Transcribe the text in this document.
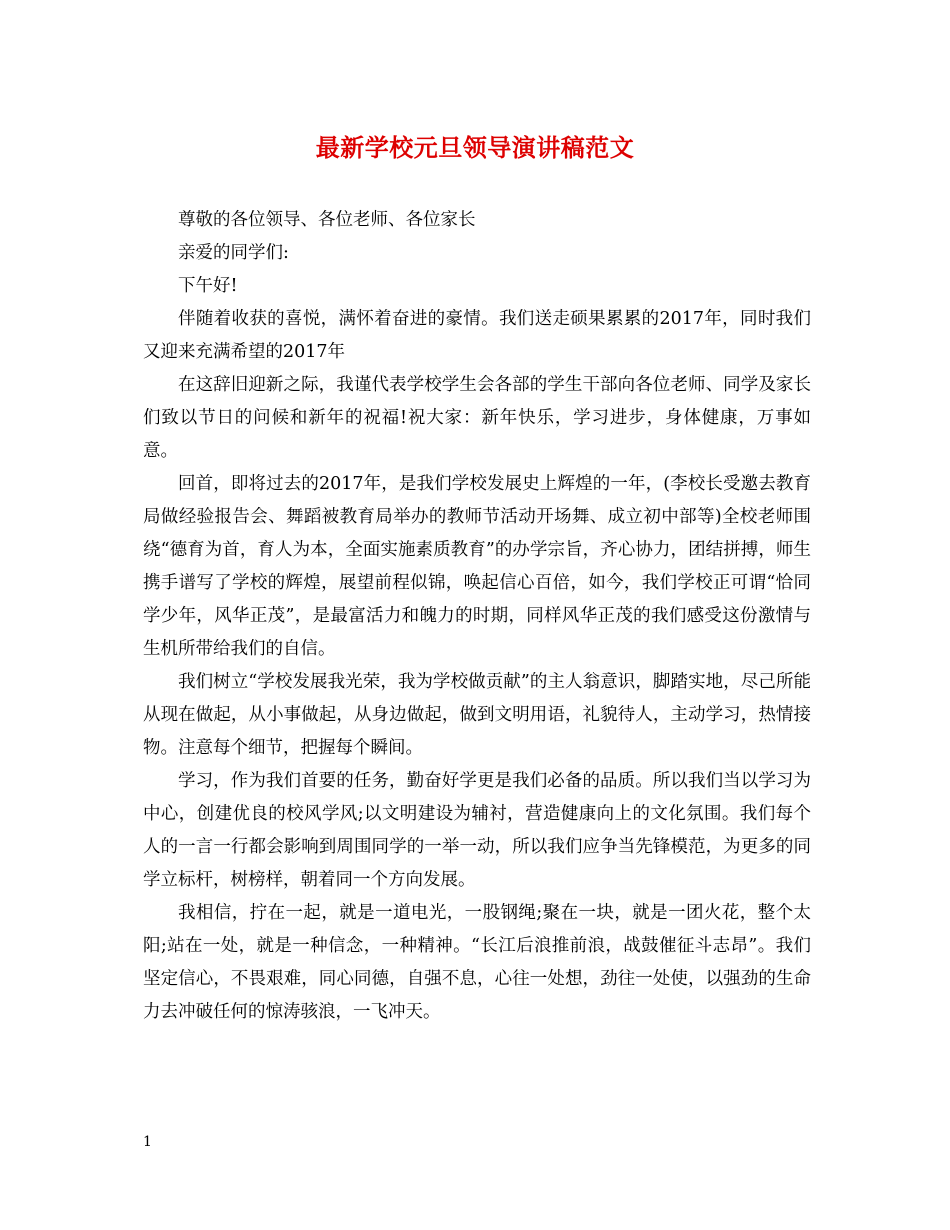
最新学校元旦领导演讲稿范文

尊敬的各位领导、各位老师、各位家长

亲爱的同学们:

下午好!

伴随着收获的喜悦，满怀着奋进的豪情。我们送走硕果累累的2017年，同时我们又迎来充满希望的2017年

在这辞旧迎新之际，我谨代表学校学生会各部的学生干部向各位老师、同学及家长们致以节日的问候和新年的祝福!祝大家：新年快乐，学习进步，身体健康，万事如意。

回首，即将过去的2017年，是我们学校发展史上辉煌的一年，(李校长受邀去教育局做经验报告会、舞蹈被教育局举办的教师节活动开场舞、成立初中部等)全校老师围绕“德育为首，育人为本，全面实施素质教育”的办学宗旨，齐心协力，团结拼搏，师生携手谱写了学校的辉煌，展望前程似锦，唤起信心百倍，如今，我们学校正可谓“恰同学少年，风华正茂”，是最富活力和魄力的时期，同样风华正茂的我们感受这份激情与生机所带给我们的自信。

我们树立“学校发展我光荣，我为学校做贡献”的主人翁意识，脚踏实地，尽己所能从现在做起，从小事做起，从身边做起，做到文明用语，礼貌待人，主动学习，热情接物。注意每个细节，把握每个瞬间。

学习，作为我们首要的任务，勤奋好学更是我们必备的品质。所以我们当以学习为中心，创建优良的校风学风;以文明建设为辅衬，营造健康向上的文化氛围。我们每个人的一言一行都会影响到周围同学的一举一动，所以我们应争当先锋模范，为更多的同学立标杆，树榜样，朝着同一个方向发展。

我相信，拧在一起，就是一道电光，一股钢绳;聚在一块，就是一团火花，整个太阳;站在一处，就是一种信念，一种精神。“长江后浪推前浪，战鼓催征斗志昂”。我们坚定信心，不畏艰难，同心同德，自强不息，心往一处想，劲往一处使，以强劲的生命力去冲破任何的惊涛骇浪，一飞冲天。

1
